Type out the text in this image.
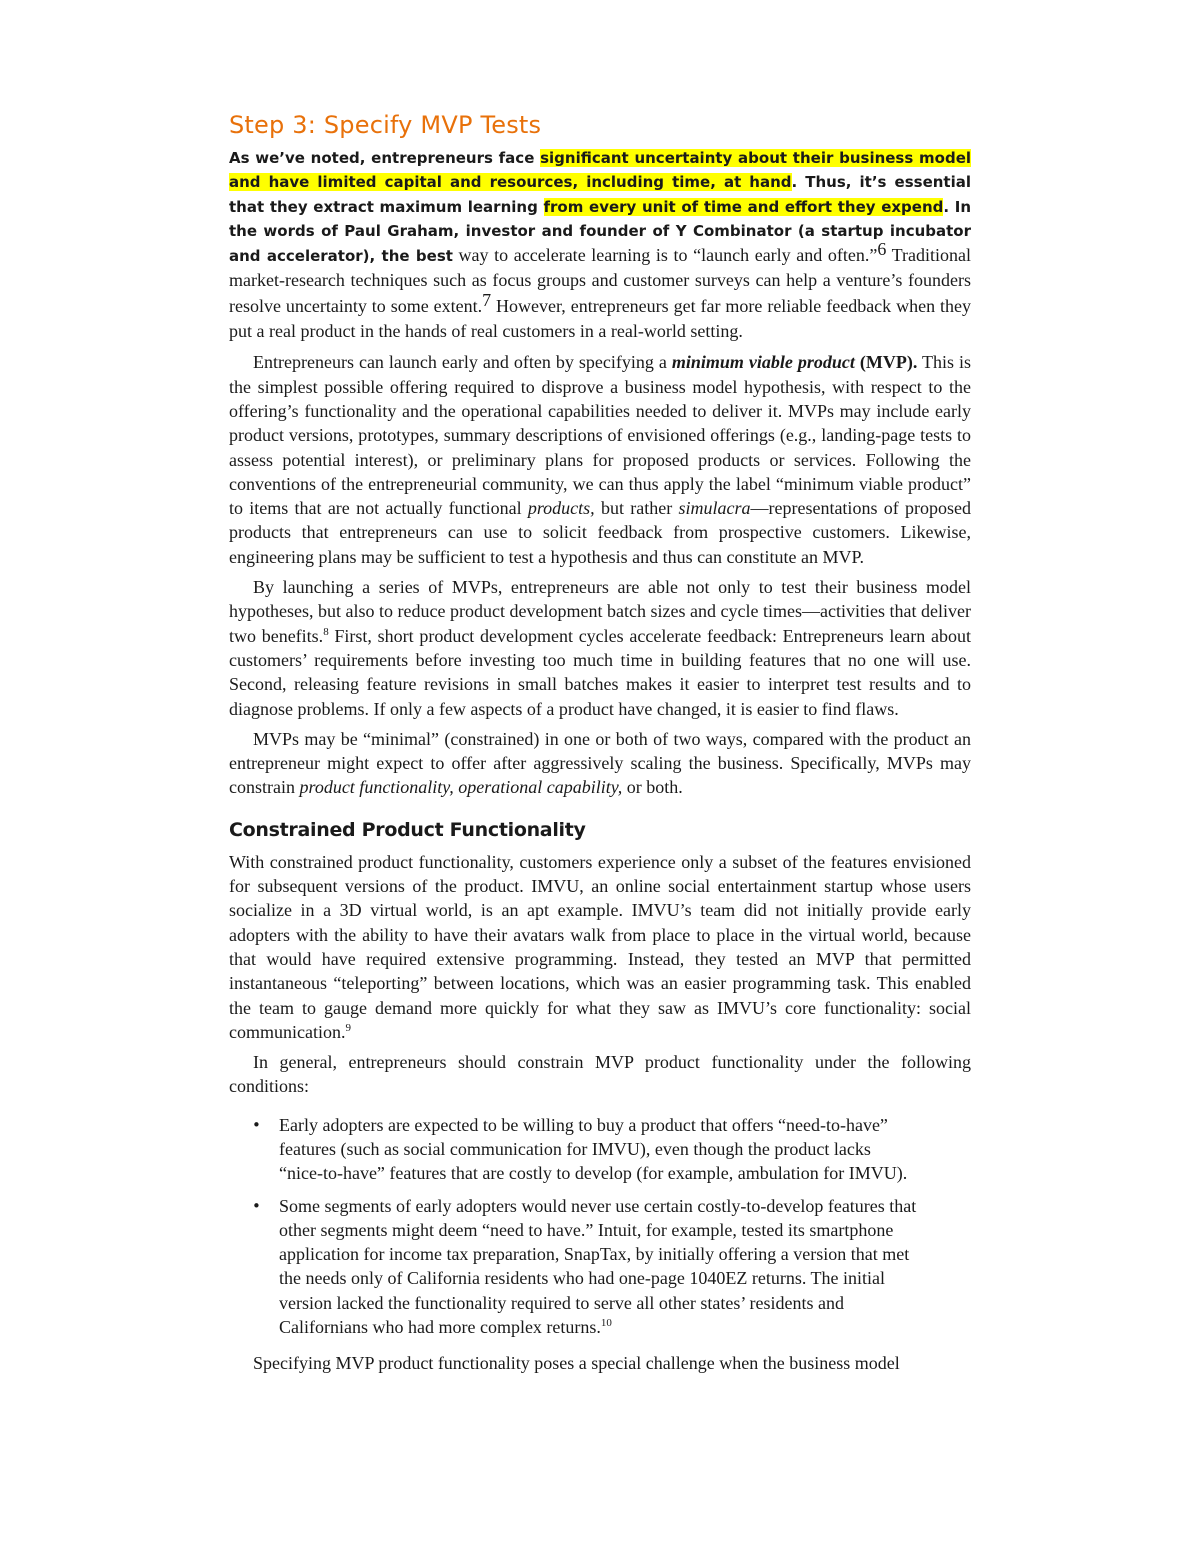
Step 3: Specify MVP Tests

As we’ve noted, entrepreneurs face significant uncertainty about their business model and have limited capital and resources, including time, at hand. Thus, it’s essential that they extract maximum learning from every unit of time and effort they expend. In the words of Paul Graham, investor and founder of Y Combinator (a startup incubator and accelerator), the best way to accelerate learning is to “launch early and often.”$^6$ Traditional market-research techniques such as focus groups and customer surveys can help a venture’s founders resolve uncertainty to some extent.$^7$ However, entrepreneurs get far more reliable feedback when they put a real product in the hands of real customers in a real-world setting.

Entrepreneurs can launch early and often by specifying a minimum viable product (MVP). This is the simplest possible offering required to disprove a business model hypothesis, with respect to the offering’s functionality and the operational capabilities needed to deliver it. MVPs may include early product versions, prototypes, summary descriptions of envisioned offerings (e.g., landing-page tests to assess potential interest), or preliminary plans for proposed products or services. Following the conventions of the entrepreneurial community, we can thus apply the label “minimum viable product” to items that are not actually functional products, but rather simulacra—representations of proposed products that entrepreneurs can use to solicit feedback from prospective customers. Likewise, engineering plans may be sufficient to test a hypothesis and thus can constitute an MVP.

By launching a series of MVPs, entrepreneurs are able not only to test their business model hypotheses, but also to reduce product development batch sizes and cycle times—activities that deliver two benefits.$^8$ First, short product development cycles accelerate feedback: Entrepreneurs learn about customers’ requirements before investing too much time in building features that no one will use. Second, releasing feature revisions in small batches makes it easier to interpret test results and to diagnose problems. If only a few aspects of a product have changed, it is easier to find flaws.

MVPs may be “minimal” (constrained) in one or both of two ways, compared with the product an entrepreneur might expect to offer after aggressively scaling the business. Specifically, MVPs may constrain product functionality, operational capability, or both.

Constrained Product Functionality

With constrained product functionality, customers experience only a subset of the features envisioned for subsequent versions of the product. IMVU, an online social entertainment startup whose users socialize in a 3D virtual world, is an apt example. IMVU’s team did not initially provide early adopters with the ability to have their avatars walk from place to place in the virtual world, because that would have required extensive programming. Instead, they tested an MVP that permitted instantaneous “teleporting” between locations, which was an easier programming task. This enabled the team to gauge demand more quickly for what they saw as IMVU’s core functionality: social communication.$^9$

In general, entrepreneurs should constrain MVP product functionality under the following conditions:

• Early adopters are expected to be willing to buy a product that offers “need-to-have” features (such as social communication for IMVU), even though the product lacks “nice-to-have” features that are costly to develop (for example, ambulation for IMVU).
• Some segments of early adopters would never use certain costly-to-develop features that other segments might deem “need to have.” Intuit, for example, tested its smartphone application for income tax preparation, SnapTax, by initially offering a version that met the needs only of California residents who had one-page 1040EZ returns. The initial version lacked the functionality required to serve all other states’ residents and Californians who had more complex returns.$^{10}$

Specifying MVP product functionality poses a special challenge when the business model
